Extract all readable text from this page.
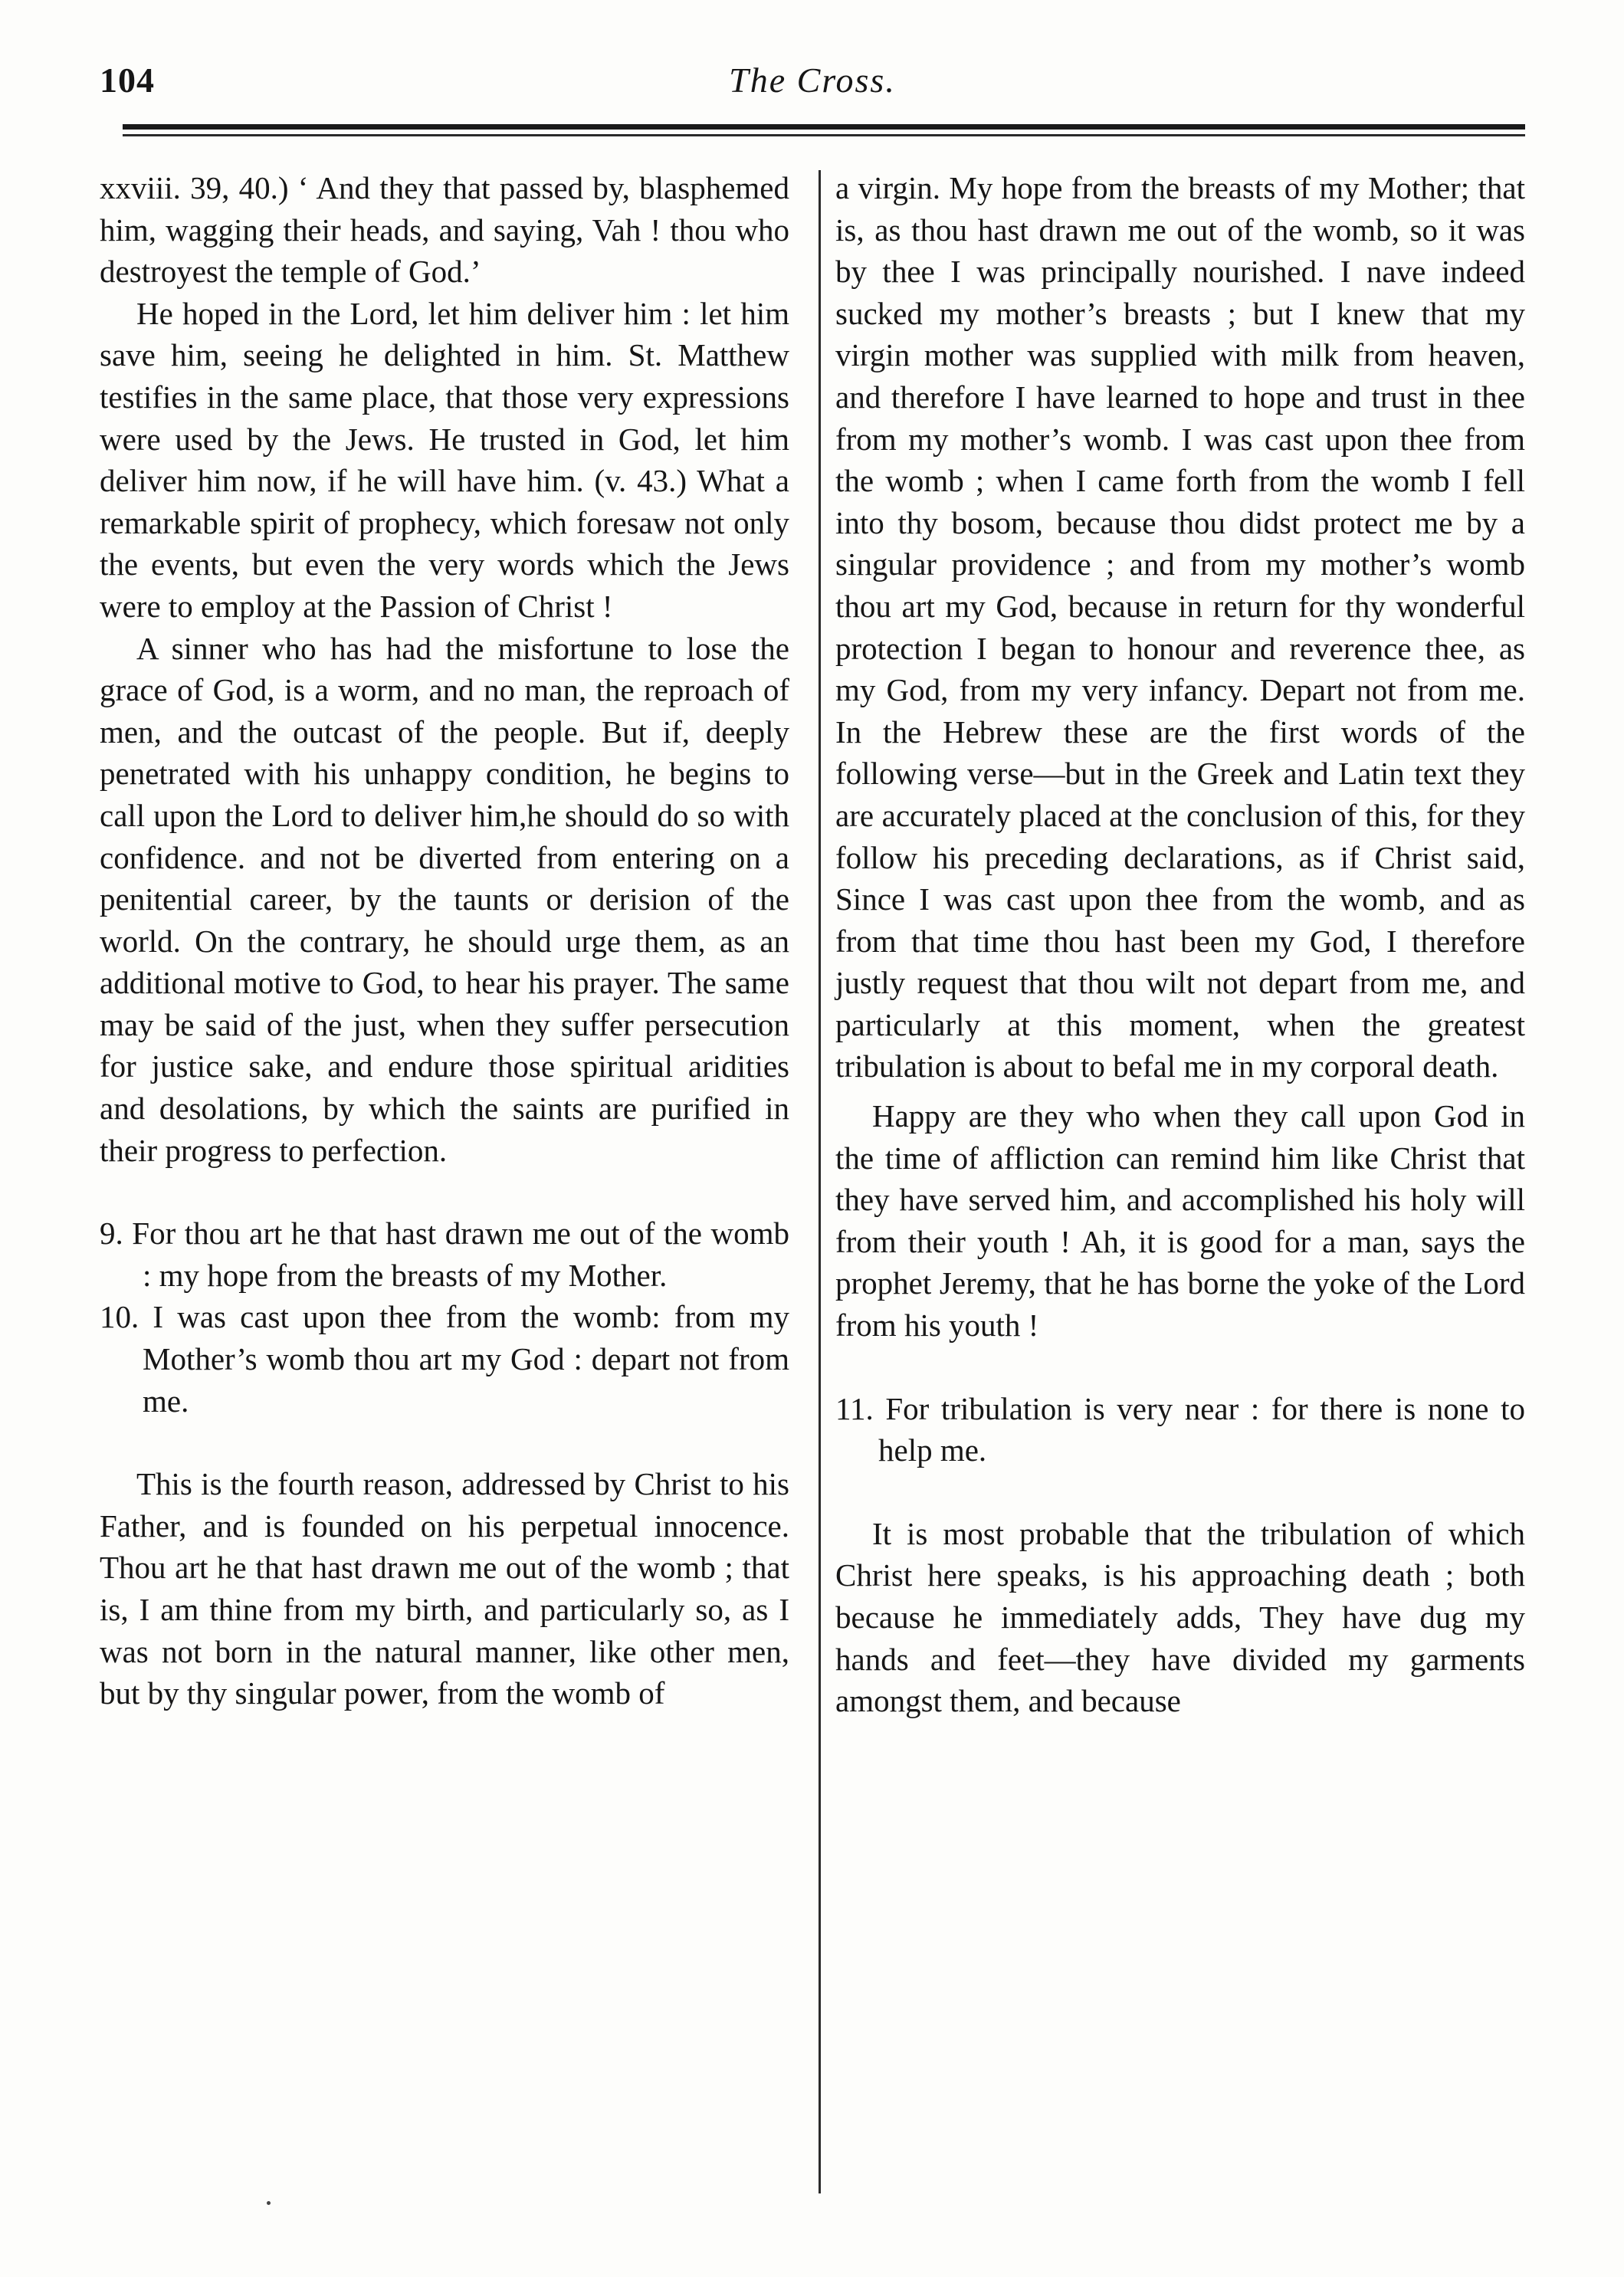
The Cross.
104

xxviii. 39, 40.) ‘ And they that passed by, blasphemed him, wagging their heads, and saying, Vah ! thou who destroyest the temple of God.’

He hoped in the Lord, let him deliver him : let him save him, seeing he delighted in him. St. Matthew testifies in the same place, that those very expressions were used by the Jews. He trusted in God, let him deliver him now, if he will have him. (v. 43.) What a remarkable spirit of prophecy, which foresaw not only the events, but even the very words which the Jews were to employ at the Passion of Christ !

A sinner who has had the misfortune to lose the grace of God, is a worm, and no man, the reproach of men, and the outcast of the people. But if, deeply penetrated with his unhappy condition, he begins to call upon the Lord to deliver him,he should do so with confidence. and not be diverted from entering on a penitential career, by the taunts or derision of the world. On the contrary, he should urge them, as an additional motive to God, to hear his prayer. The same may be said of the just, when they suffer persecution for justice sake, and endure those spiritual aridities and desolations, by which the saints are purified in their progress to perfection.

9. For thou art he that hast drawn me out of the womb : my hope from the breasts of my Mother.

10. I was cast upon thee from the womb: from my Mother’s womb thou art my God : depart not from me.

This is the fourth reason, addressed by Christ to his Father, and is founded on his perpetual innocence. Thou art he that hast drawn me out of the womb ; that is, I am thine from my birth, and particularly so, as I was not born in the natural manner, like other men, but by thy singular power, from the womb of

a virgin. My hope from the breasts of my Mother; that is, as thou hast drawn me out of the womb, so it was by thee I was principally nourished. I nave indeed sucked my mother’s breasts ; but I knew that my virgin mother was supplied with milk from heaven, and therefore I have learned to hope and trust in thee from my mother’s womb. I was cast upon thee from the womb ; when I came forth from the womb I fell into thy bosom, because thou didst protect me by a singular providence ; and from my mother’s womb thou art my God, because in return for thy wonderful protection I began to honour and reverence thee, as my God, from my very infancy. Depart not from me. In the Hebrew these are the first words of the following verse—but in the Greek and Latin text they are accurately placed at the conclusion of this, for they follow his preceding declarations, as if Christ said, Since I was cast upon thee from the womb, and as from that time thou hast been my God, I therefore justly request that thou wilt not depart from me, and particularly at this moment, when the greatest tribulation is about to befal me in my corporal death.

Happy are they who when they call upon God in the time of affliction can remind him like Christ that they have served him, and accomplished his holy will from their youth ! Ah, it is good for a man, says the prophet Jeremy, that he has borne the yoke of the Lord from his youth !

11. For tribulation is very near : for there is none to help me.

It is most probable that the tribulation of which Christ here speaks, is his approaching death ; both because he immediately adds, They have dug my hands and feet—they have divided my garments amongst them, and because
